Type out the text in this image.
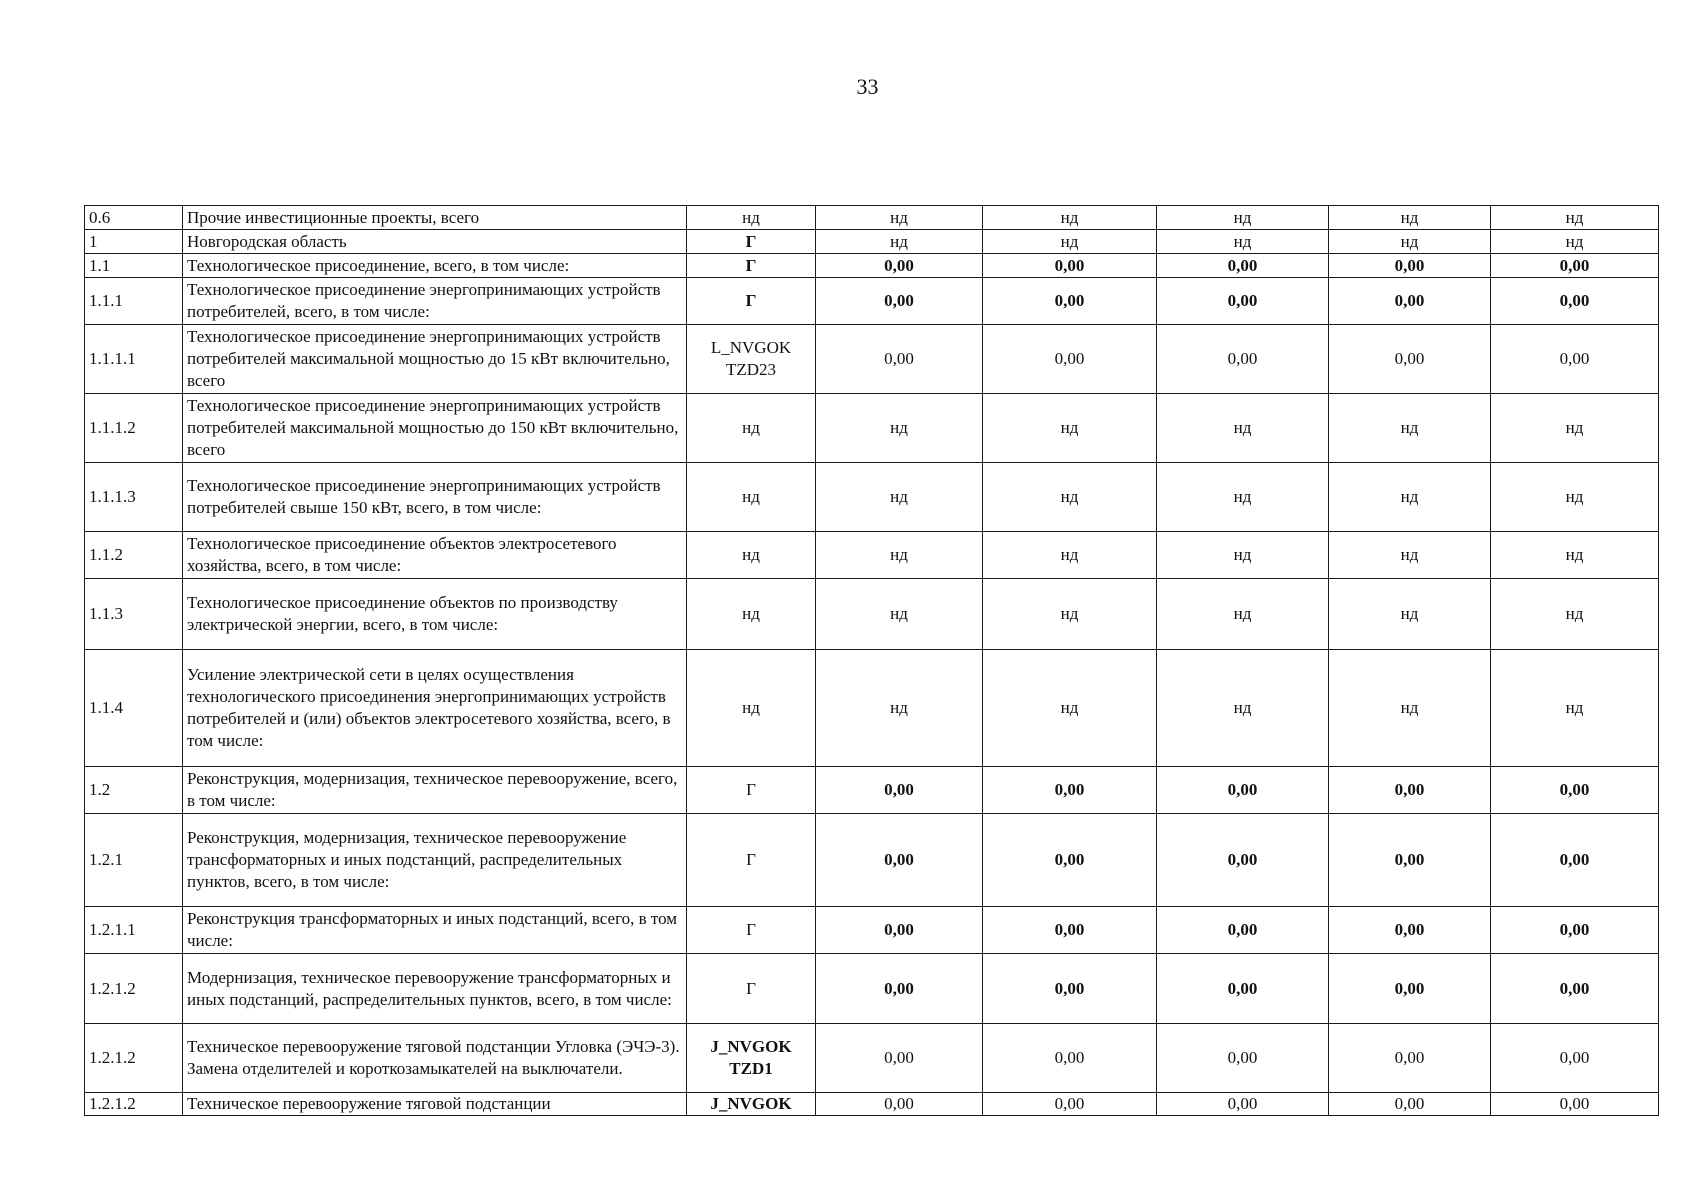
33
0.6	Прочие инвестиционные проекты, всего	нд	нд	нд	нд	нд	нд
1	Новгородская область	Г	нд	нд	нд	нд	нд
1.1	Технологическое присоединение, всего, в том числе:	Г	0,00	0,00	0,00	0,00	0,00
1.1.1	Технологическое присоединение энергопринимающих устройств потребителей, всего, в том числе:	Г	0,00	0,00	0,00	0,00	0,00
1.1.1.1	Технологическое присоединение энергопринимающих устройств потребителей максимальной мощностью до 15 кВт включительно, всего	L_NVGOK TZD23	0,00	0,00	0,00	0,00	0,00
1.1.1.2	Технологическое присоединение энергопринимающих устройств потребителей максимальной мощностью до 150 кВт включительно, всего	нд	нд	нд	нд	нд	нд
1.1.1.3	Технологическое присоединение энергопринимающих устройств потребителей свыше 150 кВт, всего, в том числе:	нд	нд	нд	нд	нд	нд
1.1.2	Технологическое присоединение объектов электросетевого хозяйства, всего, в том числе:	нд	нд	нд	нд	нд	нд
1.1.3	Технологическое присоединение объектов по производству электрической энергии, всего, в том числе:	нд	нд	нд	нд	нд	нд
1.1.4	Усиление электрической сети в целях осуществления технологического присоединения энергопринимающих устройств потребителей и (или) объектов электросетевого хозяйства, всего, в том числе:	нд	нд	нд	нд	нд	нд
1.2	Реконструкция, модернизация, техническое перевооружение, всего, в том числе:	Г	0,00	0,00	0,00	0,00	0,00
1.2.1	Реконструкция, модернизация, техническое перевооружение трансформаторных и иных подстанций, распределительных пунктов, всего, в том числе:	Г	0,00	0,00	0,00	0,00	0,00
1.2.1.1	Реконструкция трансформаторных и иных подстанций, всего, в том числе:	Г	0,00	0,00	0,00	0,00	0,00
1.2.1.2	Модернизация, техническое перевооружение трансформаторных и иных подстанций, распределительных пунктов, всего, в том числе:	Г	0,00	0,00	0,00	0,00	0,00
1.2.1.2	Техническое перевооружение тяговой подстанции Угловка (ЭЧЭ-3). Замена отделителей и короткозамыкателей на выключатели.	J_NVGOK TZD1	0,00	0,00	0,00	0,00	0,00
1.2.1.2	Техническое перевооружение тяговой подстанции	J_NVGOK	0,00	0,00	0,00	0,00	0,00
